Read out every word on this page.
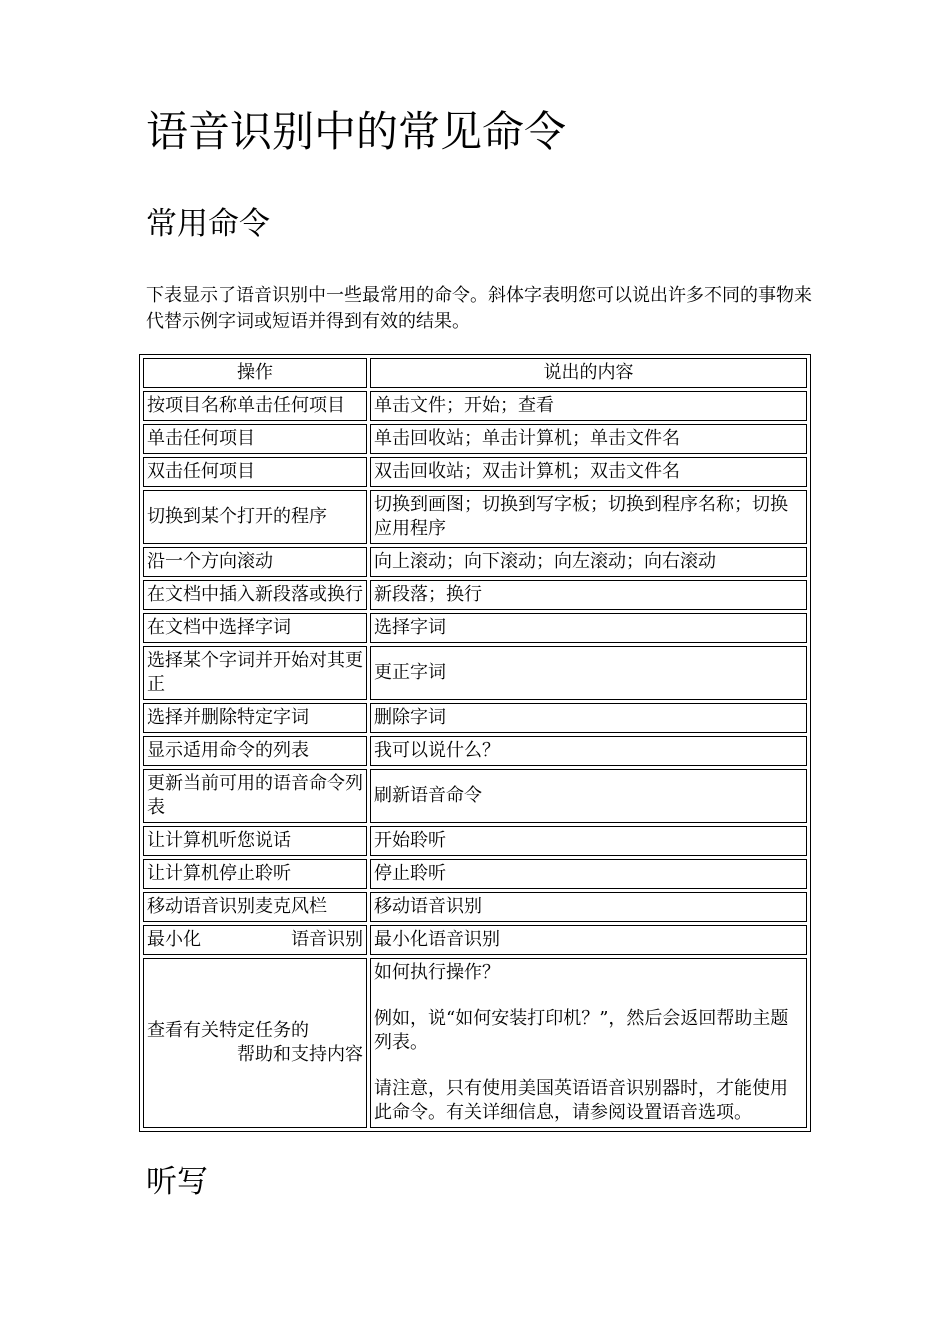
语音识别中的常见命令
常用命令

下表显示了语音识别中一些最常用的命令。斜体字表明您可以说出许多不同的事物来代替示例字词或短语并得到有效的结果。

操作	说出的内容
按项目名称单击任何项目	单击文件；开始；查看
单击任何项目	单击回收站；单击计算机；单击文件名
双击任何项目	双击回收站；双击计算机；双击文件名
切换到某个打开的程序	切换到画图；切换到写字板；切换到程序名称；切换应用程序
沿一个方向滚动	向上滚动；向下滚动；向左滚动；向右滚动
在文档中插入新段落或换行	新段落；换行
在文档中选择字词	选择字词
选择某个字词并开始对其更正	更正字词
选择并删除特定字词	删除字词
显示适用命令的列表	我可以说什么？
更新当前可用的语音命令列表	刷新语音命令
让计算机听您说话	开始聆听
让计算机停止聆听	停止聆听
移动语音识别麦克风栏	移动语音识别

最小化 语音识别	最小化语音识别

查看有关特定任务的
帮助和支持内容	如何执行操作？
例如，说“如何安装打印机？”，然后会返回帮助主题列表。
请注意，只有使用美国英语语音识别器时，才能使用此命令。有关详细信息，请参阅设置语音选项。
听写
